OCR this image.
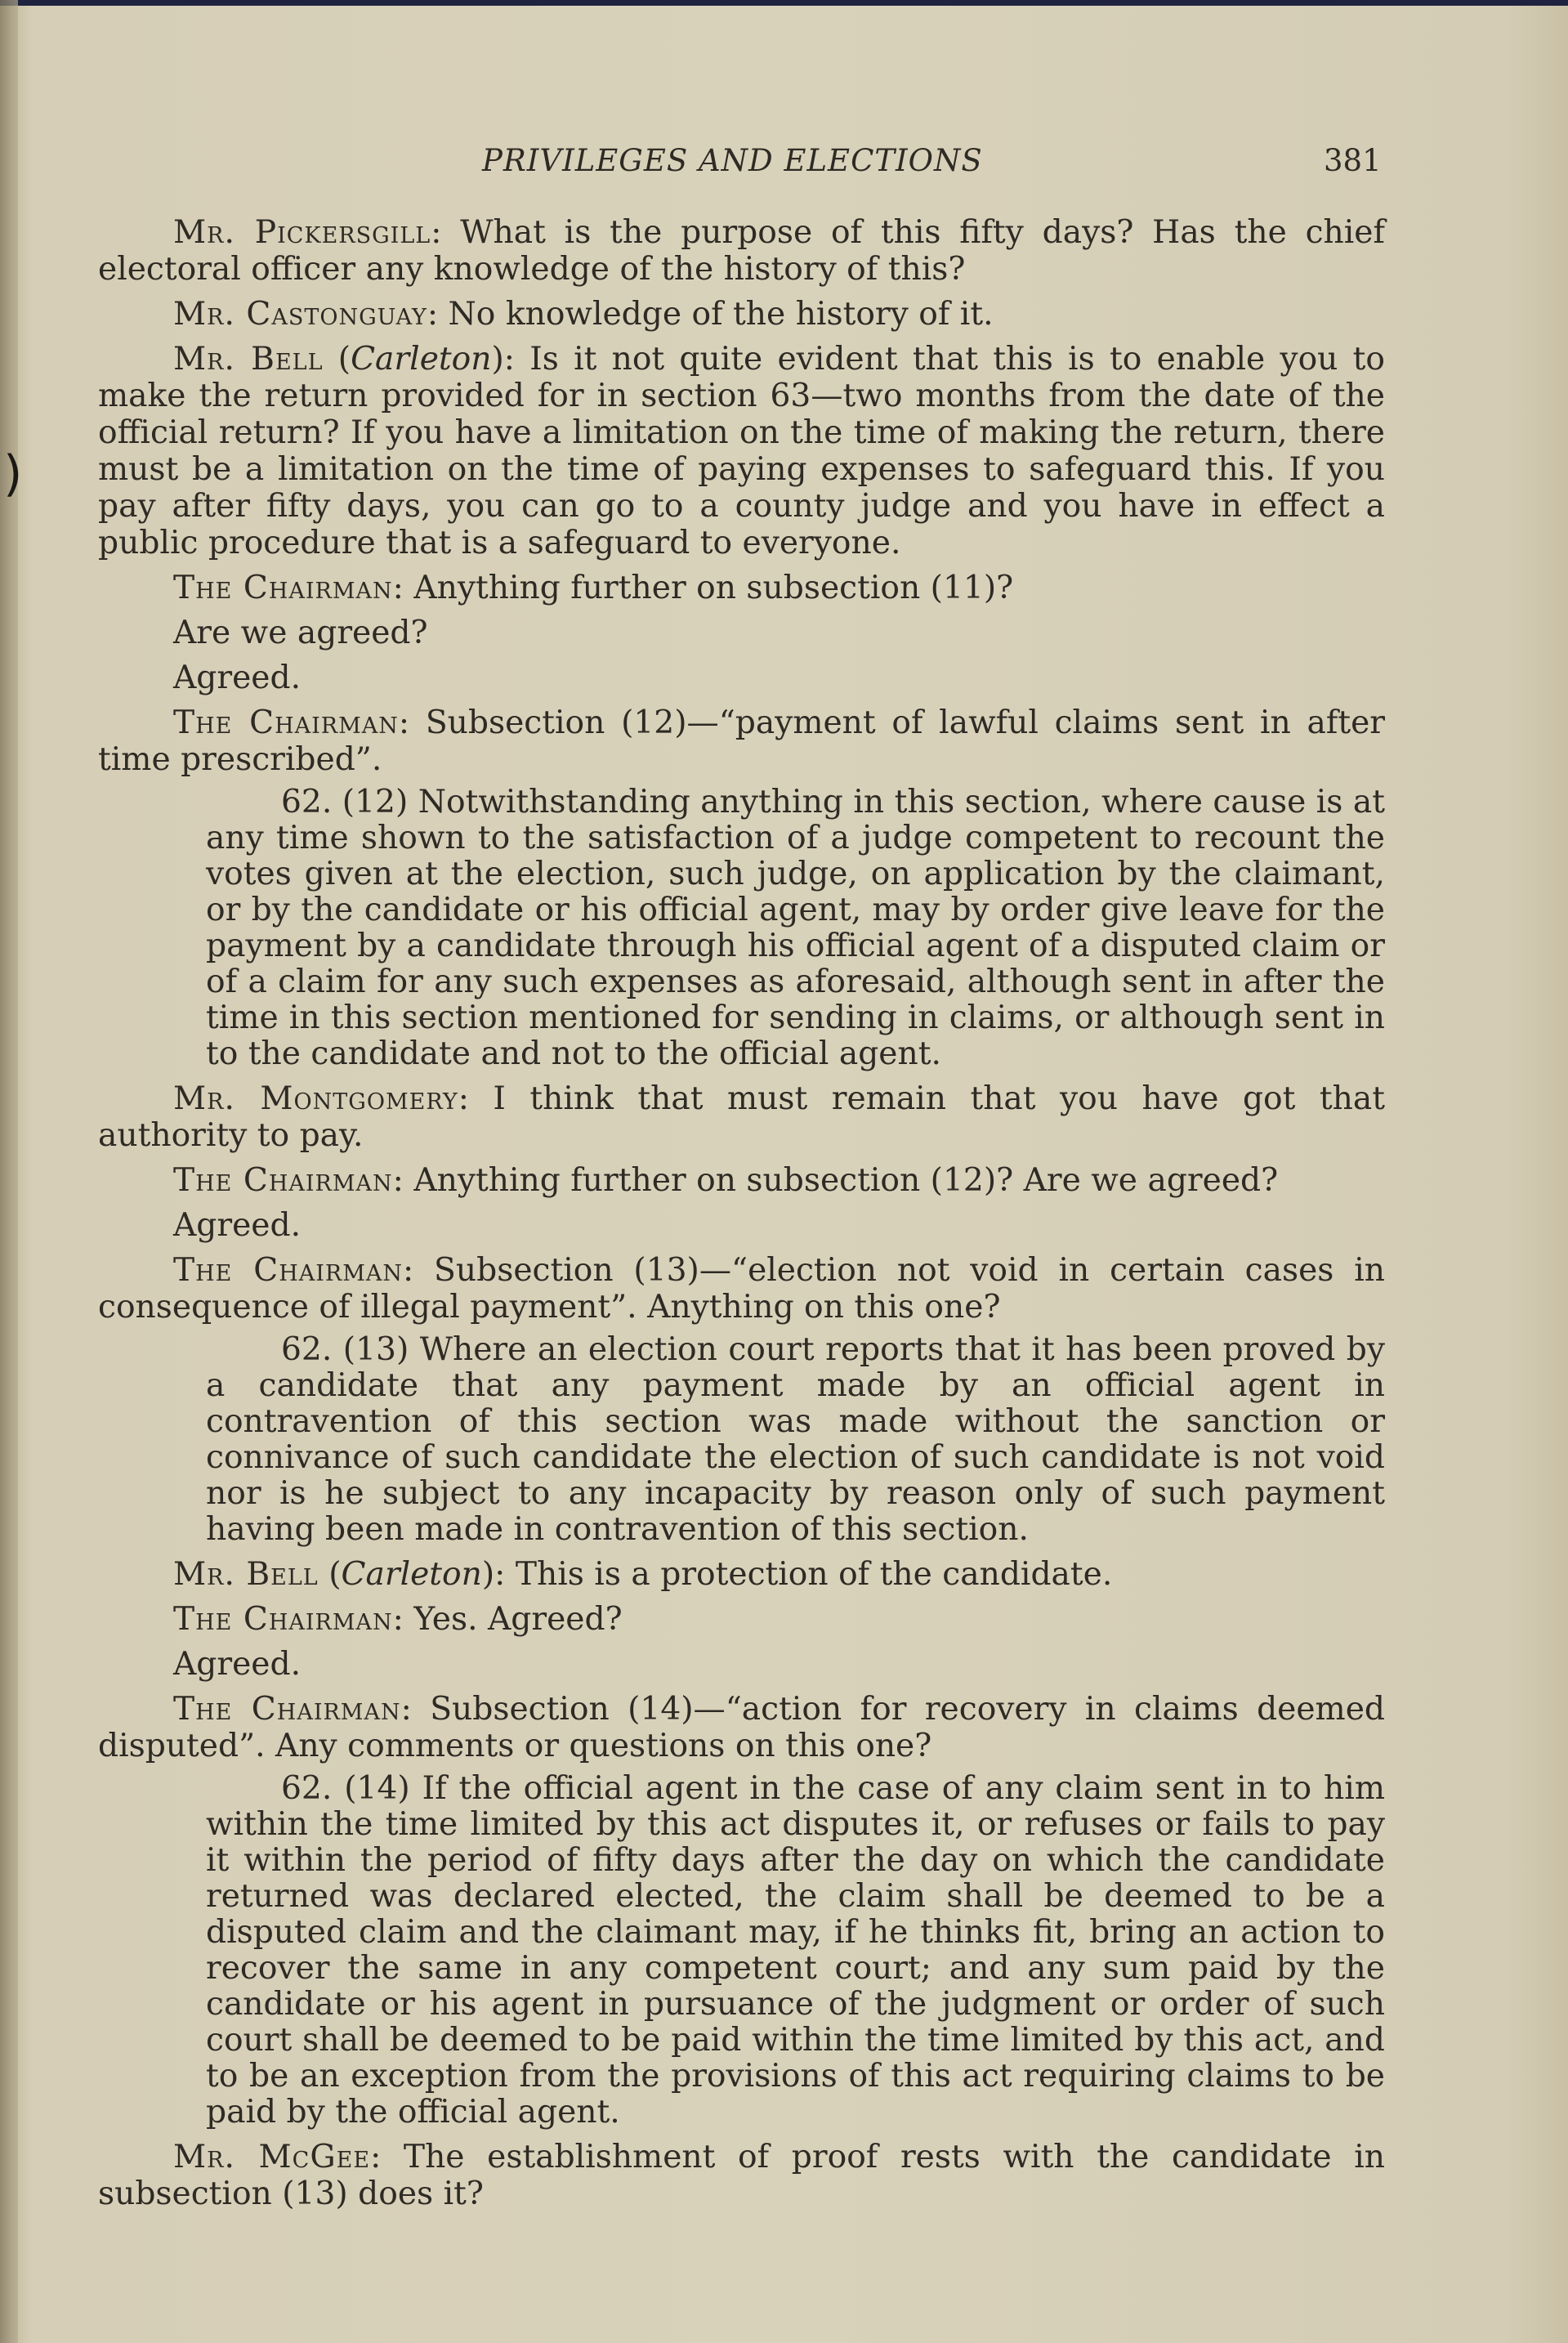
)
PRIVILEGES AND ELECTIONS	381

Mr. Pickersgill: What is the purpose of this fifty days? Has the chief electoral officer any knowledge of the history of this?

Mr. Castonguay: No knowledge of the history of it.

Mr. Bell (Carleton): Is it not quite evident that this is to enable you to make the return provided for in section 63—two months from the date of the official return? If you have a limitation on the time of making the return, there must be a limitation on the time of paying expenses to safeguard this. If you pay after fifty days, you can go to a county judge and you have in effect a public procedure that is a safeguard to everyone.

The Chairman: Anything further on subsection (11)?

Are we agreed?

Agreed.

The Chairman: Subsection (12)—“payment of lawful claims sent in after time prescribed”.

62. (12) Notwithstanding anything in this section, where cause is at any time shown to the satisfaction of a judge competent to recount the votes given at the election, such judge, on application by the claimant, or by the candidate or his official agent, may by order give leave for the payment by a candidate through his official agent of a disputed claim or of a claim for any such expenses as aforesaid, although sent in after the time in this section mentioned for sending in claims, or although sent in to the candidate and not to the official agent.

Mr. Montgomery: I think that must remain that you have got that authority to pay.

The Chairman: Anything further on subsection (12)? Are we agreed?

Agreed.

The Chairman: Subsection (13)—“election not void in certain cases in consequence of illegal payment”. Anything on this one?

62. (13) Where an election court reports that it has been proved by a candidate that any payment made by an official agent in contravention of this section was made without the sanction or connivance of such candidate the election of such candidate is not void nor is he subject to any incapacity by reason only of such payment having been made in contravention of this section.

Mr. Bell (Carleton): This is a protection of the candidate.

The Chairman: Yes. Agreed?

Agreed.

The Chairman: Subsection (14)—“action for recovery in claims deemed disputed”. Any comments or questions on this one?

62. (14) If the official agent in the case of any claim sent in to him within the time limited by this act disputes it, or refuses or fails to pay it within the period of fifty days after the day on which the candidate returned was declared elected, the claim shall be deemed to be a disputed claim and the claimant may, if he thinks fit, bring an action to recover the same in any competent court; and any sum paid by the candidate or his agent in pursuance of the judgment or order of such court shall be deemed to be paid within the time limited by this act, and to be an exception from the provisions of this act requiring claims to be paid by the official agent.

Mr. McGee: The establishment of proof rests with the candidate in subsection (13) does it?
